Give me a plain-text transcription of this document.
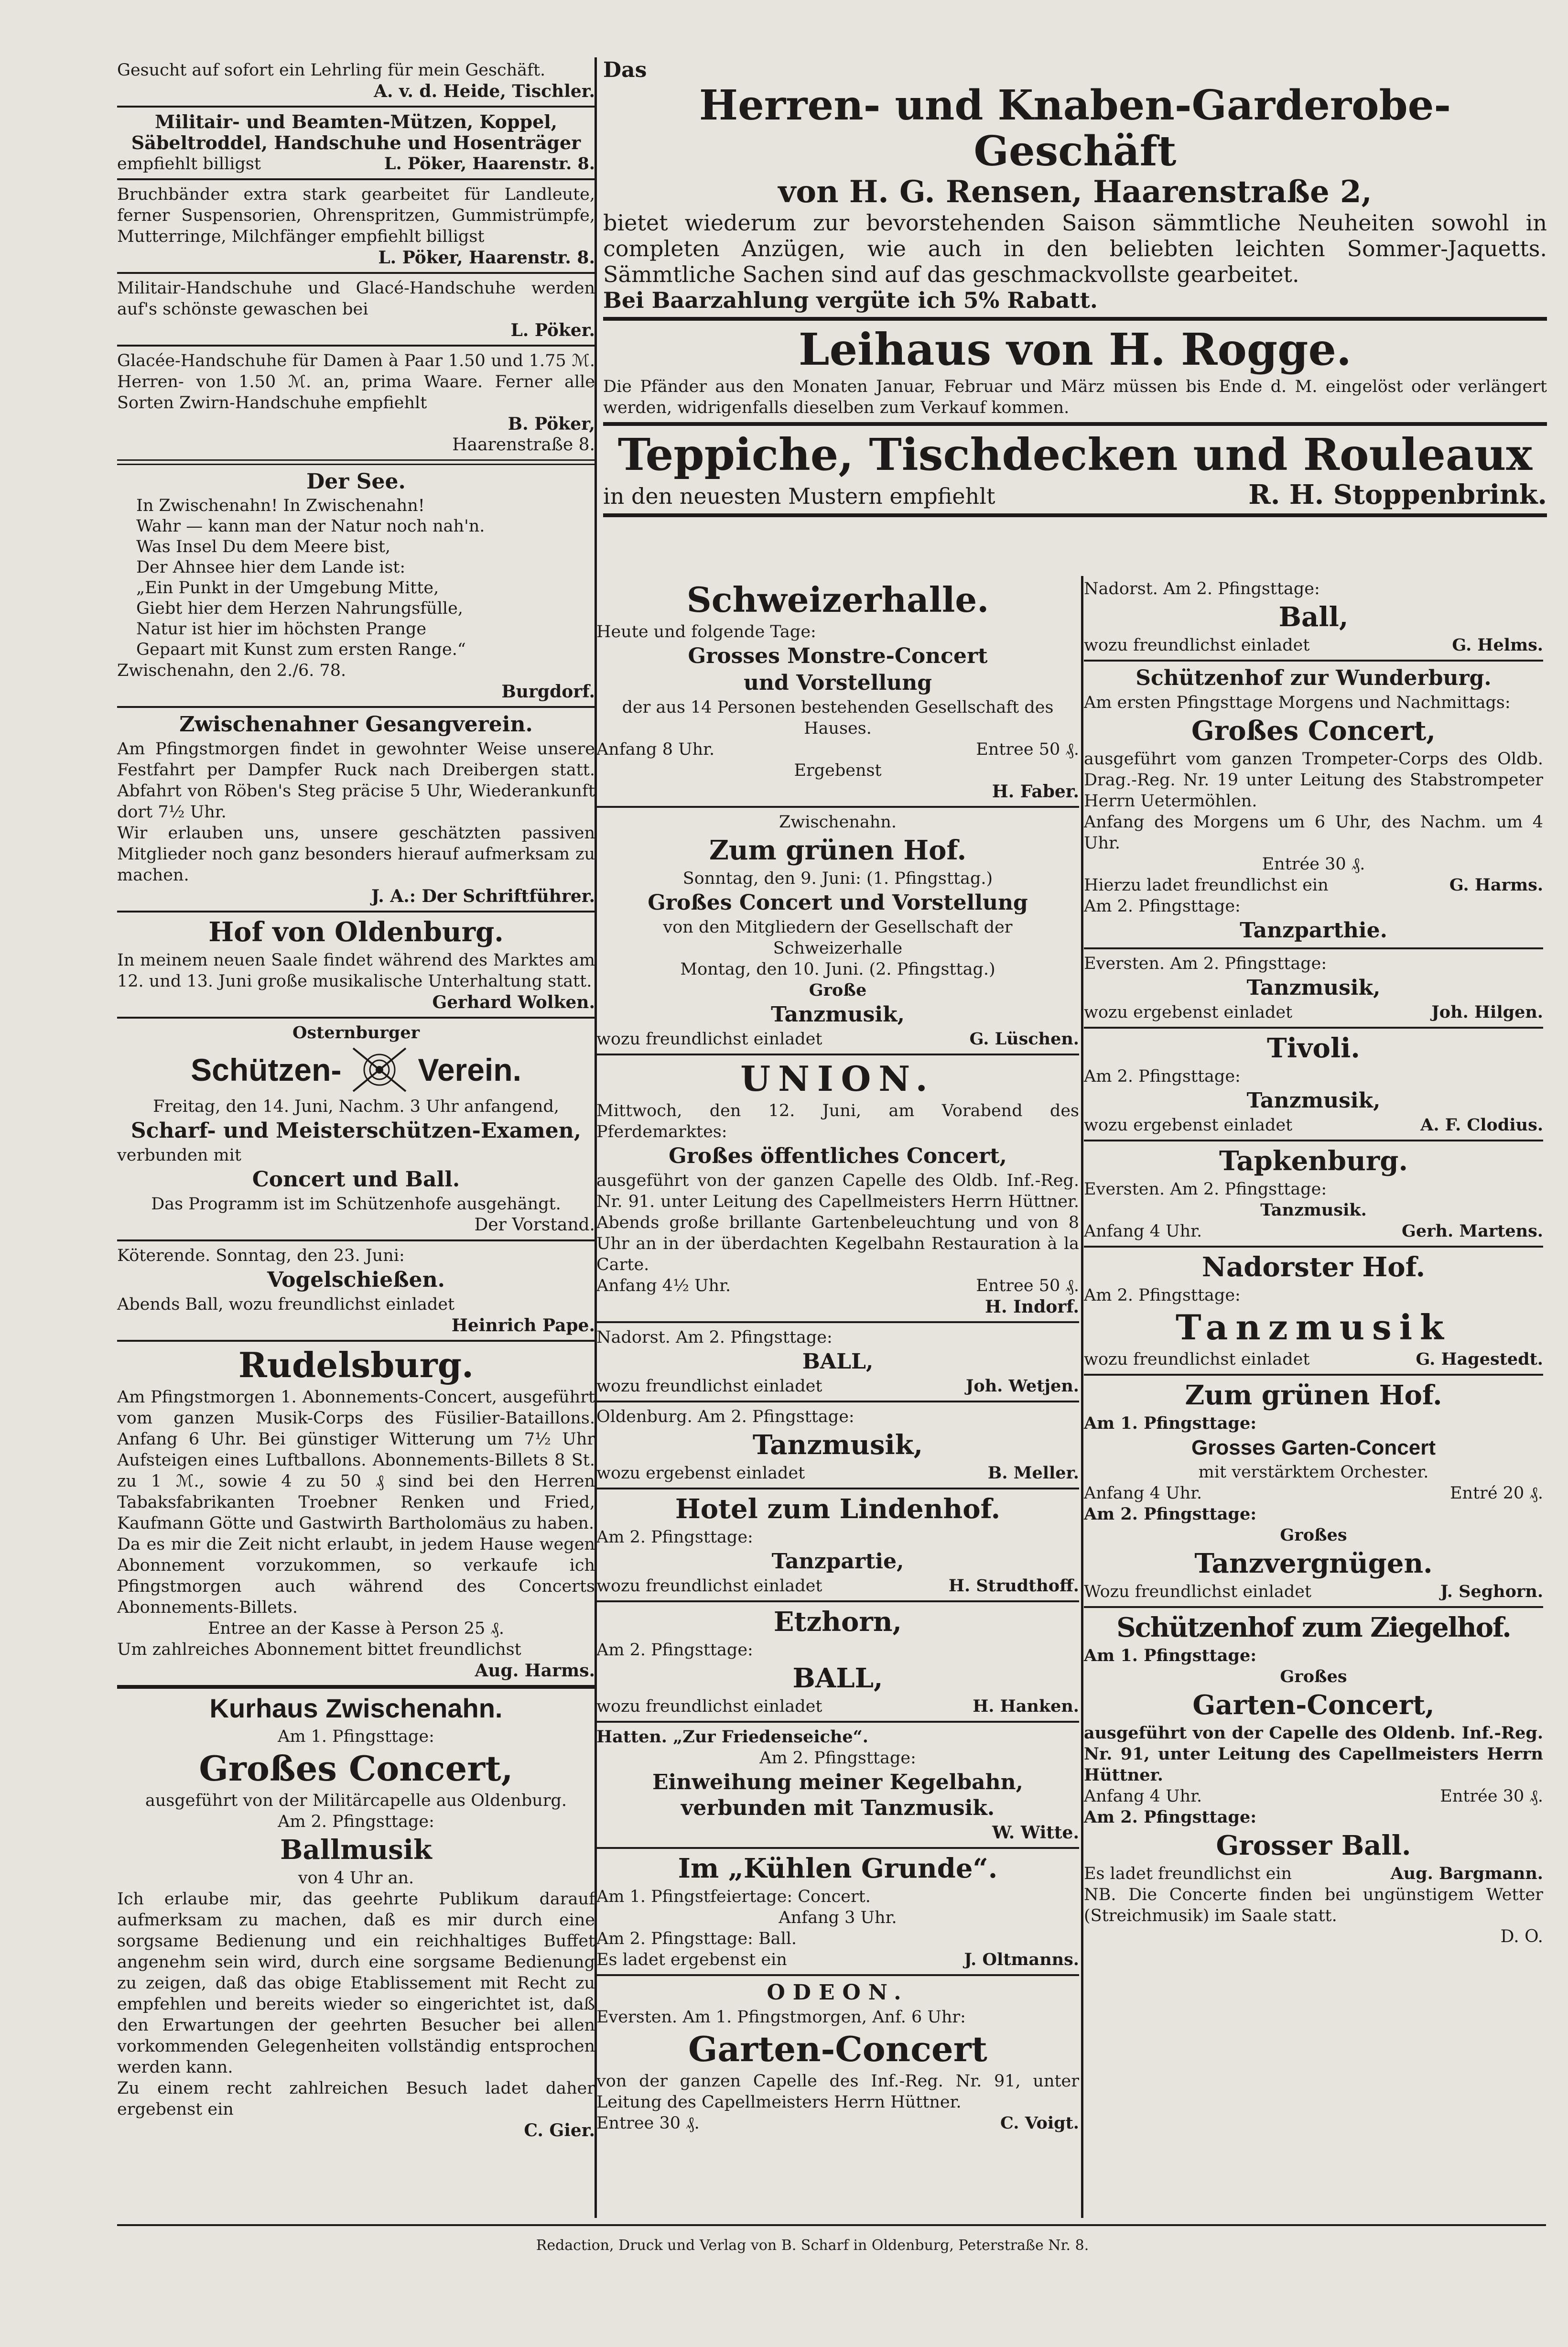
Gesucht auf sofort ein Lehrling für mein Geschäft.

A. v. d. Heide, Tischler.

Militair- und Beamten-Mützen, Koppel, Säbeltroddel, Handschuhe und Hosenträger

empfiehlt billigst	L. Pöker, Haarenstr. 8.

Bruchbänder extra stark gearbeitet für Landleute, ferner Suspensorien, Ohrenspritzen, Gummistrümpfe, Mutterringe, Milchfänger empfiehlt billigst

L. Pöker, Haarenstr. 8.

Militair-Handschuhe und Glacé-Handschuhe werden auf's schönste gewaschen bei

L. Pöker.

Glacée-Handschuhe für Damen à Paar 1.50 und 1.75 ℳ. Herren- von 1.50 ℳ. an, prima Waare. Ferner alle Sorten Zwirn-Handschuhe empfiehlt

B. Pöker,

Haarenstraße 8.

Der See.

In Zwischenahn! In Zwischenahn!

Wahr — kann man der Natur noch nah'n.

Was Insel Du dem Meere bist,

Der Ahnsee hier dem Lande ist:

„Ein Punkt in der Umgebung Mitte,

Giebt hier dem Herzen Nahrungsfülle,

Natur ist hier im höchsten Prange

Gepaart mit Kunst zum ersten Range.“

Zwischenahn, den 2./6. 78.

Burgdorf.

Zwischenahner Gesangverein.

Am Pfingstmorgen findet in gewohnter Weise unsere Festfahrt per Dampfer Ruck nach Dreibergen statt. Abfahrt von Röben's Steg präcise 5 Uhr, Wiederankunft dort 7½ Uhr.

Wir erlauben uns, unsere geschätzten passiven Mitglieder noch ganz besonders hierauf aufmerksam zu machen.

J. A.: Der Schriftführer.

Hof von Oldenburg.

In meinem neuen Saale findet während des Marktes am 12. und 13. Juni große musikalische Unterhaltung statt.

Gerhard Wolken.

Osternburger

Schützen- Verein.

Freitag, den 14. Juni, Nachm. 3 Uhr anfangend,

Scharf- und Meisterschützen-Examen,

verbunden mit

Concert und Ball.

Das Programm ist im Schützenhofe ausgehängt.

Der Vorstand.

Köterende. Sonntag, den 23. Juni:

Vogelschießen.

Abends Ball, wozu freundlichst einladet

Heinrich Pape.

Rudelsburg.

Am Pfingstmorgen 1. Abonnements-Concert, ausgeführt vom ganzen Musik-Corps des Füsilier-Bataillons. Anfang 6 Uhr. Bei günstiger Witterung um 7½ Uhr Aufsteigen eines Luftballons. Abonnements-Billets 8 St. zu 1 ℳ., sowie 4 zu 50 ₰ sind bei den Herren Tabaksfabrikanten Troebner Renken und Fried, Kaufmann Götte und Gastwirth Bartholomäus zu haben.

Da es mir die Zeit nicht erlaubt, in jedem Hause wegen Abonnement vorzukommen, so verkaufe ich Pfingstmorgen auch während des Concerts Abonnements-Billets.

Entree an der Kasse à Person 25 ₰.

Um zahlreiches Abonnement bittet freundlichst

Aug. Harms.

Kurhaus Zwischenahn.

Am 1. Pfingsttage:

Großes Concert,

ausgeführt von der Militärcapelle aus Oldenburg.

Am 2. Pfingsttage:

Ballmusik

von 4 Uhr an.

Ich erlaube mir, das geehrte Publikum darauf aufmerksam zu machen, daß es mir durch eine sorgsame Bedienung und ein reichhaltiges Buffet angenehm sein wird, durch eine sorgsame Bedienung zu zeigen, daß das obige Etablissement mit Recht zu empfehlen und bereits wieder so eingerichtet ist, daß den Erwartungen der geehrten Besucher bei allen vorkommenden Gelegenheiten vollständig entsprochen werden kann.

Zu einem recht zahlreichen Besuch ladet daher ergebenst ein

C. Gier.

Das

Herren- und Knaben-Garderobe-Geschäft

von H. G. Rensen, Haarenstraße 2,

bietet wiederum zur bevorstehenden Saison sämmtliche Neuheiten sowohl in completen Anzügen, wie auch in den beliebten leichten Sommer-Jaquetts. Sämmtliche Sachen sind auf das geschmackvollste gearbeitet.

Bei Baarzahlung vergüte ich 5% Rabatt.

Leihaus von H. Rogge.

Die Pfänder aus den Monaten Januar, Februar und März müssen bis Ende d. M. eingelöst oder verlängert werden, widrigenfalls dieselben zum Verkauf kommen.

Teppiche, Tischdecken und Rouleaux

in den neuesten Mustern empfiehlt	R. H. Stoppenbrink.

Schweizerhalle.

Heute und folgende Tage:

Grosses Monstre-Concert

und Vorstellung

der aus 14 Personen bestehenden Gesellschaft des Hauses.

Anfang 8 Uhr.	Entree 50 ₰.

Ergebenst

H. Faber.

Zwischenahn.

Zum grünen Hof.

Sonntag, den 9. Juni: (1. Pfingsttag.)

Großes Concert und Vorstellung

von den Mitgliedern der Gesellschaft der Schweizerhalle

Montag, den 10. Juni. (2. Pfingsttag.)

Große

Tanzmusik,

wozu freundlichst einladet	G. Lüschen.

UNION.

Mittwoch, den 12. Juni, am Vorabend des Pferdemarktes:

Großes öffentliches Concert,

ausgeführt von der ganzen Capelle des Oldb. Inf.-Reg. Nr. 91. unter Leitung des Capellmeisters Herrn Hüttner. Abends große brillante Gartenbeleuchtung und von 8 Uhr an in der überdachten Kegelbahn Restauration à la Carte.

Anfang 4½ Uhr.	Entree 50 ₰.

H. Indorf.

Nadorst. Am 2. Pfingsttage:

BALL,

wozu freundlichst einladet	Joh. Wetjen.

Oldenburg. Am 2. Pfingsttage:

Tanzmusik,

wozu ergebenst einladet	B. Meller.

Hotel zum Lindenhof.

Am 2. Pfingsttage:

Tanzpartie,

wozu freundlichst einladet	H. Strudthoff.

Etzhorn,

Am 2. Pfingsttage:

BALL,

wozu freundlichst einladet	H. Hanken.

Hatten. „Zur Friedenseiche“.

Am 2. Pfingsttage:

Einweihung meiner Kegelbahn, verbunden mit Tanzmusik.

W. Witte.

Im „Kühlen Grunde“.

Am 1. Pfingstfeiertage: Concert.

Anfang 3 Uhr.

Am 2. Pfingsttage: Ball.

Es ladet ergebenst ein	J. Oltmanns.

ODEON.

Eversten. Am 1. Pfingstmorgen, Anf. 6 Uhr:

Garten-Concert

von der ganzen Capelle des Inf.-Reg. Nr. 91, unter Leitung des Capellmeisters Herrn Hüttner.

Entree 30 ₰.	C. Voigt.

Nadorst. Am 2. Pfingsttage:

Ball,

wozu freundlichst einladet	G. Helms.

Schützenhof zur Wunderburg.

Am ersten Pfingsttage Morgens und Nachmittags:

Großes Concert,

ausgeführt vom ganzen Trompeter-Corps des Oldb. Drag.-Reg. Nr. 19 unter Leitung des Stabstrompeter Herrn Uetermöhlen.

Anfang des Morgens um 6 Uhr, des Nachm. um 4 Uhr.

Entrée 30 ₰.

Hierzu ladet freundlichst ein	G. Harms.

Am 2. Pfingsttage:

Tanzparthie.

Eversten. Am 2. Pfingsttage:

Tanzmusik,

wozu ergebenst einladet	Joh. Hilgen.

Tivoli.

Am 2. Pfingsttage:

Tanzmusik,

wozu ergebenst einladet	A. F. Clodius.

Tapkenburg.

Eversten. Am 2. Pfingsttage:

Tanzmusik.

Anfang 4 Uhr.	Gerh. Martens.

Nadorster Hof.

Am 2. Pfingsttage:

Tanzmusik

wozu freundlichst einladet	G. Hagestedt.

Zum grünen Hof.

Am 1. Pfingsttage:

Grosses Garten-Concert

mit verstärktem Orchester.

Anfang 4 Uhr.	Entré 20 ₰.

Am 2. Pfingsttage:

Großes

Tanzvergnügen.

Wozu freundlichst einladet	J. Seghorn.

Schützenhof zum Ziegelhof.

Am 1. Pfingsttage:

Großes

Garten-Concert,

ausgeführt von der Capelle des Oldenb. Inf.-Reg. Nr. 91, unter Leitung des Capellmeisters Herrn Hüttner.

Anfang 4 Uhr.	Entrée 30 ₰.

Am 2. Pfingsttage:

Grosser Ball.

Es ladet freundlichst ein	Aug. Bargmann.

NB. Die Concerte finden bei ungünstigem Wetter (Streichmusik) im Saale statt.

D. O.

Redaction, Druck und Verlag von B. Scharf in Oldenburg, Peterstraße Nr. 8.
